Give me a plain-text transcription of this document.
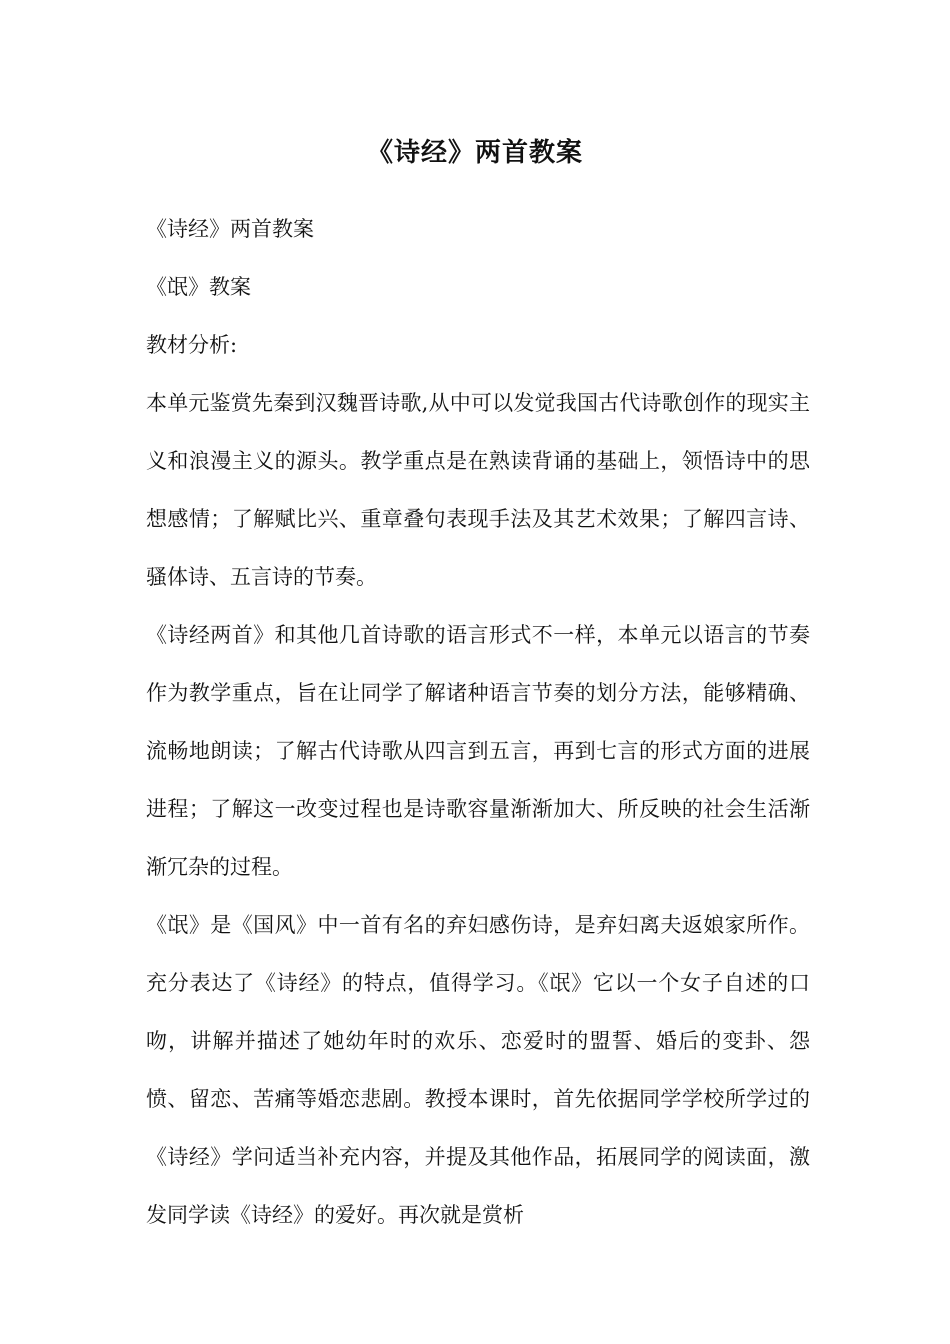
《诗经》两首教案

《诗经》两首教案

《氓》教案

教材分析:

本单元鉴赏先秦到汉魏晋诗歌,从中可以发觉我国古代诗歌创作的现实主义和浪漫主义的源头。教学重点是在熟读背诵的基础上，领悟诗中的思想感情；了解赋比兴、重章叠句表现手法及其艺术效果；了解四言诗、骚体诗、五言诗的节奏。

《诗经两首》和其他几首诗歌的语言形式不一样，本单元以语言的节奏作为教学重点，旨在让同学了解诸种语言节奏的划分方法，能够精确、流畅地朗读；了解古代诗歌从四言到五言，再到七言的形式方面的进展进程；了解这一改变过程也是诗歌容量渐渐加大、所反映的社会生活渐渐冗杂的过程。

《氓》是《国风》中一首有名的弃妇感伤诗，是弃妇离夫返娘家所作。充分表达了《诗经》的特点，值得学习。《氓》它以一个女子自述的口吻，讲解并描述了她幼年时的欢乐、恋爱时的盟誓、婚后的变卦、怨愤、留恋、苦痛等婚恋悲剧。教授本课时，首先依据同学学校所学过的《诗经》学问适当补充内容，并提及其他作品，拓展同学的阅读面，激发同学读《诗经》的爱好。再次就是赏析
